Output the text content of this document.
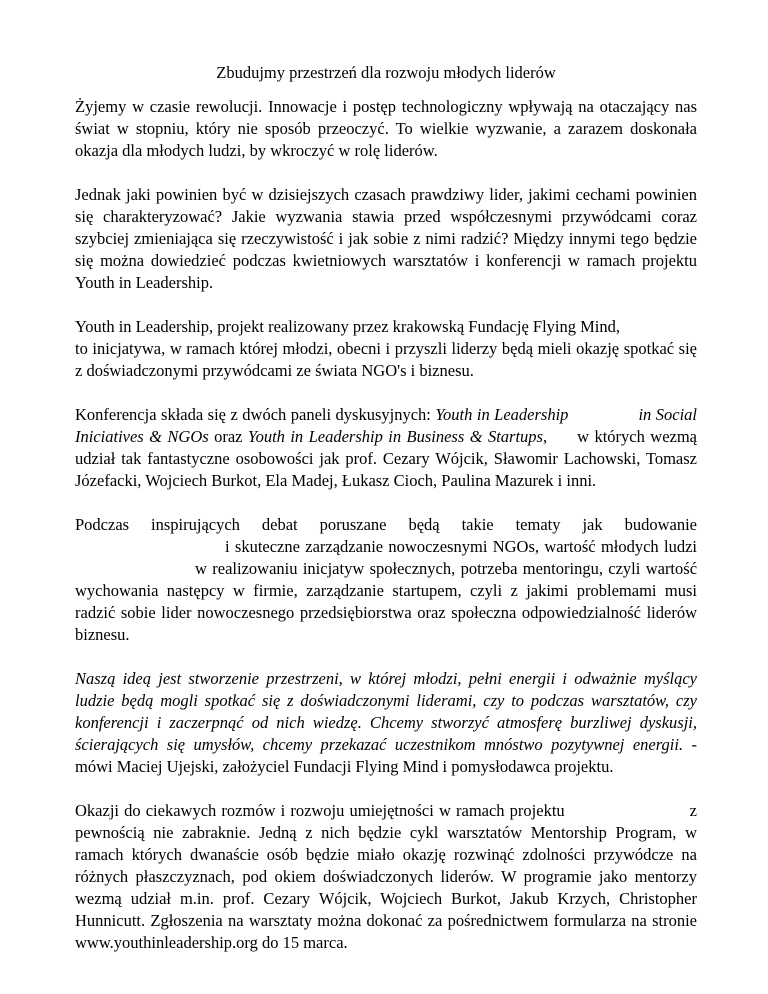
Zbudujmy przestrzeń dla rozwoju młodych liderów

Żyjemy w czasie rewolucji. Innowacje i postęp technologiczny wpływają na otaczający nas świat w stopniu, który nie sposób przeoczyć. To wielkie wyzwanie, a zarazem doskonała okazja dla młodych ludzi, by wkroczyć w rolę liderów.

Jednak jaki powinien być w dzisiejszych czasach prawdziwy lider, jakimi cechami powinien się charakteryzować? Jakie wyzwania stawia przed współczesnymi przywódcami coraz szybciej zmieniająca się rzeczywistość i jak sobie z nimi radzić? Między innymi tego będzie się można dowiedzieć podczas kwietniowych warsztatów i konferencji w ramach projektu Youth in Leadership.

Youth in Leadership, projekt realizowany przez krakowską Fundację Flying Mind,
to inicjatywa, w ramach której młodzi, obecni i przyszli liderzy będą mieli okazję spotkać się z doświadczonymi przywódcami ze świata NGO's i biznesu.

Konferencja składa się z dwóch paneli dyskusyjnych: Youth in Leadership	in Social Iniciatives & NGOs oraz Youth in Leadership in Business & Startups, w których wezmą udział tak fantastyczne osobowości jak prof. Cezary Wójcik, Sławomir Lachowski, Tomasz Józefacki, Wojciech Burkot, Ela Madej, Łukasz Cioch, Paulina Mazurek i inni.

Podczas inspirujących debat poruszane będą takie tematy jak budowaniei skuteczne zarządzanie nowoczesnymi NGOs, wartość młodych ludziw realizowaniu inicjatyw społecznych, potrzeba mentoringu, czyli wartość wychowania następcy w firmie, zarządzanie startupem, czyli z jakimi problemami musi radzić sobie lider nowoczesnego przedsiębiorstwa oraz społeczna odpowiedzialność liderów biznesu.

Naszą ideą jest stworzenie przestrzeni, w której młodzi, pełni energii i odważnie myślący ludzie będą mogli spotkać się z doświadczonymi liderami, czy to podczas warsztatów, czy konferencji i zaczerpnąć od nich wiedzę. Chcemy stworzyć atmosferę burzliwej dyskusji, ścierających się umysłów, chcemy przekazać uczestnikom mnóstwo pozytywnej energii. - mówi Maciej Ujejski, założyciel Fundacji Flying Mind i pomysłodawca projektu.

Okazji do ciekawych rozmów i rozwoju umiejętności w ramach projektu	z pewnością nie zabraknie. Jedną z nich będzie cykl warsztatów Mentorship Program, w ramach których dwanaście osób będzie miało okazję rozwinąć zdolności przywódcze na różnych płaszczyznach, pod okiem doświadczonych liderów. W programie jako mentorzy wezmą udział m.in. prof. Cezary Wójcik, Wojciech Burkot, Jakub Krzych, Christopher Hunnicutt. Zgłoszenia na warsztaty można dokonać za pośrednictwem formularza na stronie www.youthinleadership.org do 15 marca.
